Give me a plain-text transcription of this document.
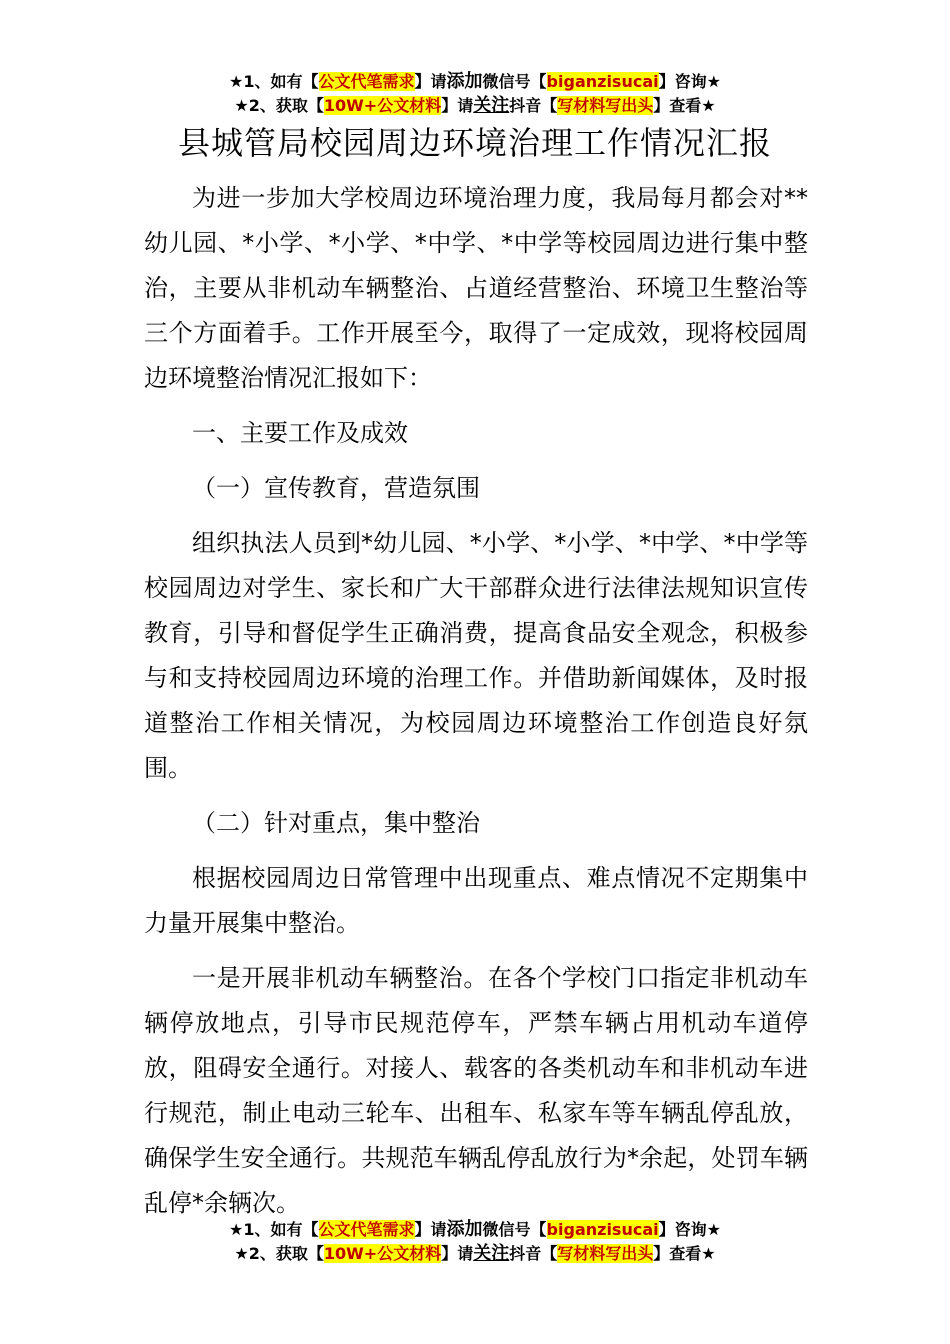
★1、如有【公文代笔需求】请添加微信号【biganzisucai】咨询★
★2、获取【10W+公文材料】请关注抖音【写材料写出头】查看★
县城管局校园周边环境治理工作情况汇报

为进一步加大学校周边环境治理力度，我局每月都会对**幼儿园、*小学、*小学、*中学、*中学等校园周边进行集中整治，主要从非机动车辆整治、占道经营整治、环境卫生整治等三个方面着手。工作开展至今，取得了一定成效，现将校园周边环境整治情况汇报如下：

一、主要工作及成效

（一）宣传教育，营造氛围

组织执法人员到*幼儿园、*小学、*小学、*中学、*中学等校园周边对学生、家长和广大干部群众进行法律法规知识宣传教育，引导和督促学生正确消费，提高食品安全观念，积极参与和支持校园周边环境的治理工作。并借助新闻媒体，及时报道整治工作相关情况，为校园周边环境整治工作创造良好氛围。

（二）针对重点，集中整治

根据校园周边日常管理中出现重点、难点情况不定期集中力量开展集中整治。

一是开展非机动车辆整治。在各个学校门口指定非机动车辆停放地点，引导市民规范停车，严禁车辆占用机动车道停放，阻碍安全通行。对接人、载客的各类机动车和非机动车进行规范，制止电动三轮车、出租车、私家车等车辆乱停乱放，确保学生安全通行。共规范车辆乱停乱放行为*余起，处罚车辆乱停*余辆次。

★1、如有【公文代笔需求】请添加微信号【biganzisucai】咨询★
★2、获取【10W+公文材料】请关注抖音【写材料写出头】查看★
